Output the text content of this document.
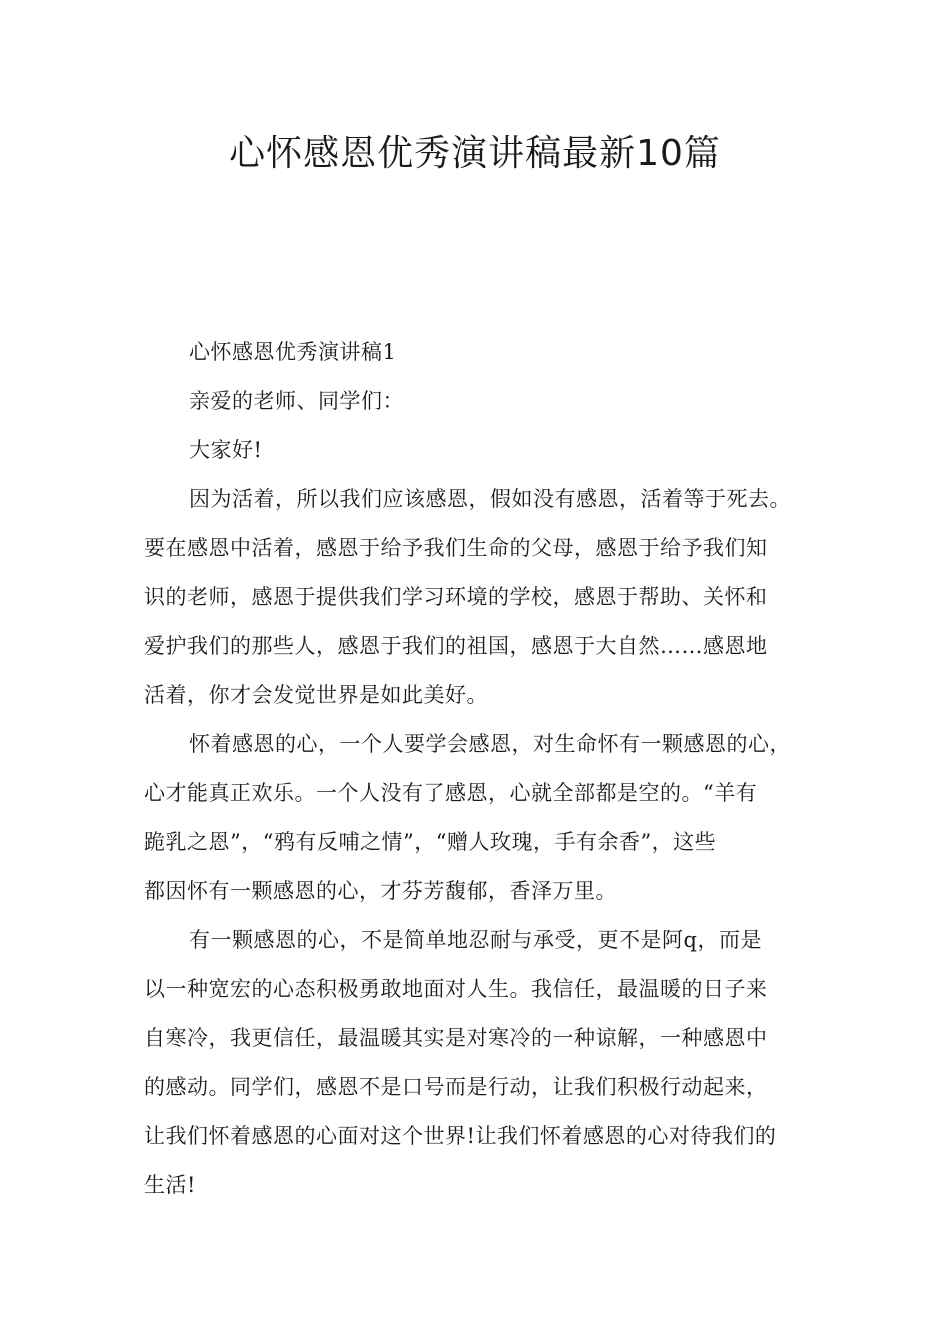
心怀感恩优秀演讲稿最新10篇
心怀感恩优秀演讲稿1
亲爱的老师、同学们：
大家好!
因为活着，所以我们应该感恩，假如没有感恩，活着等于死去。
要在感恩中活着，感恩于给予我们生命的父母，感恩于给予我们知
识的老师，感恩于提供我们学习环境的学校，感恩于帮助、关怀和
爱护我们的那些人，感恩于我们的祖国，感恩于大自然……感恩地
活着，你才会发觉世界是如此美好。
怀着感恩的心，一个人要学会感恩，对生命怀有一颗感恩的心，
心才能真正欢乐。一个人没有了感恩，心就全部都是空的。“羊有
跪乳之恩”，“鸦有反哺之情”，“赠人玫瑰，手有余香”，这些
都因怀有一颗感恩的心，才芬芳馥郁，香泽万里。
有一颗感恩的心，不是简单地忍耐与承受，更不是阿q，而是
以一种宽宏的心态积极勇敢地面对人生。我信任，最温暖的日子来
自寒冷，我更信任，最温暖其实是对寒冷的一种谅解，一种感恩中
的感动。同学们，感恩不是口号而是行动，让我们积极行动起来，
让我们怀着感恩的心面对这个世界!让我们怀着感恩的心对待我们的
生活!
